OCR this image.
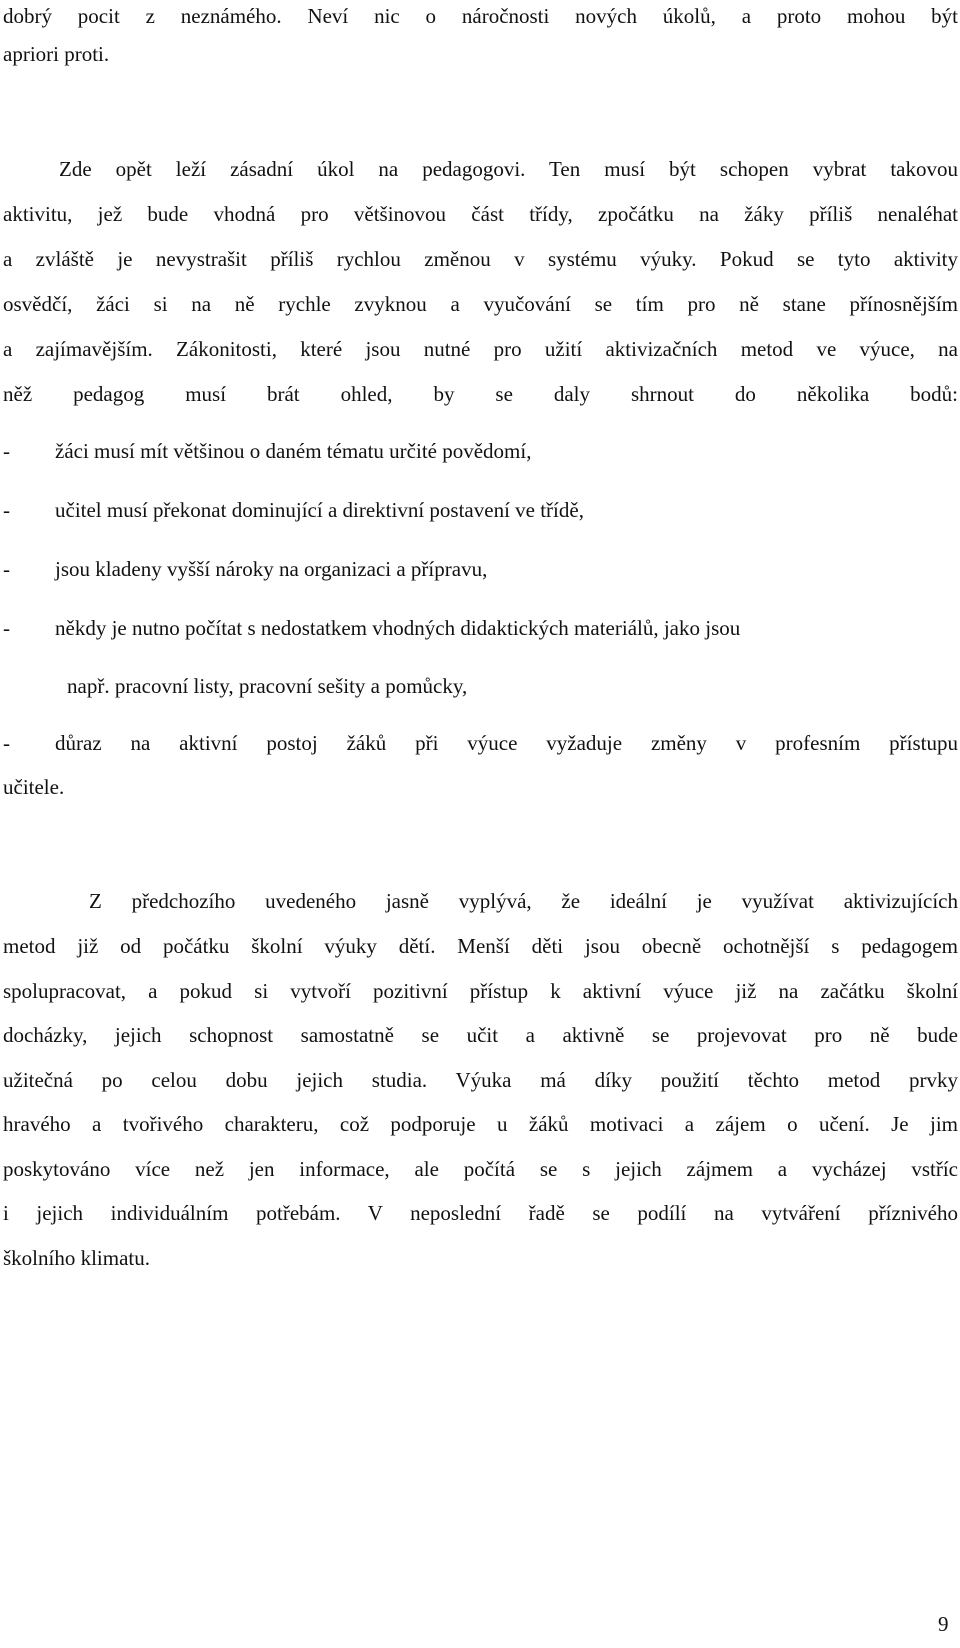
dobrý pocit z neznámého. Neví nic o náročnosti nových úkolů, a proto mohou být
apriori proti.
Zde opět leží zásadní úkol na pedagogovi. Ten musí být schopen vybrat takovou
aktivitu, jež bude vhodná pro většinovou část třídy, zpočátku na žáky příliš nenaléhat
a zvláště je nevystrašit příliš rychlou změnou v systému výuky. Pokud se tyto aktivity
osvědčí, žáci si na ně rychle zvyknou a vyučování se tím pro ně stane přínosnějším
a zajímavějším. Zákonitosti, které jsou nutné pro užití aktivizačních metod ve výuce, na
něž pedagog musí brát ohled, by se daly shrnout do několika bodů:
- žáci musí mít většinou o daném tématu určité povědomí,
- učitel musí překonat dominující a direktivní postavení ve třídě,
- jsou kladeny vyšší nároky na organizaci a přípravu,
- někdy je nutno počítat s nedostatkem vhodných didaktických materiálů, jako jsou
např. pracovní listy, pracovní sešity a pomůcky,
-	důraz na aktivní postoj žáků při výuce vyžaduje změny v profesním přístupu
učitele.
Z předchozího uvedeného jasně vyplývá, že ideální je využívat aktivizujících
metod již od počátku školní výuky dětí. Menší děti jsou obecně ochotnější s pedagogem
spolupracovat, a pokud si vytvoří pozitivní přístup k aktivní výuce již na začátku školní
docházky, jejich schopnost samostatně se učit a aktivně se projevovat pro ně bude
užitečná po celou dobu jejich studia. Výuka má díky použití těchto metod prvky
hravého a tvořivého charakteru, což podporuje u žáků motivaci a zájem o učení. Je jim
poskytováno více než jen informace, ale počítá se s jejich zájmem a vycházej vstříc
i jejich individuálním potřebám. V neposlední řadě se podílí na vytváření příznivého
školního klimatu.
9
